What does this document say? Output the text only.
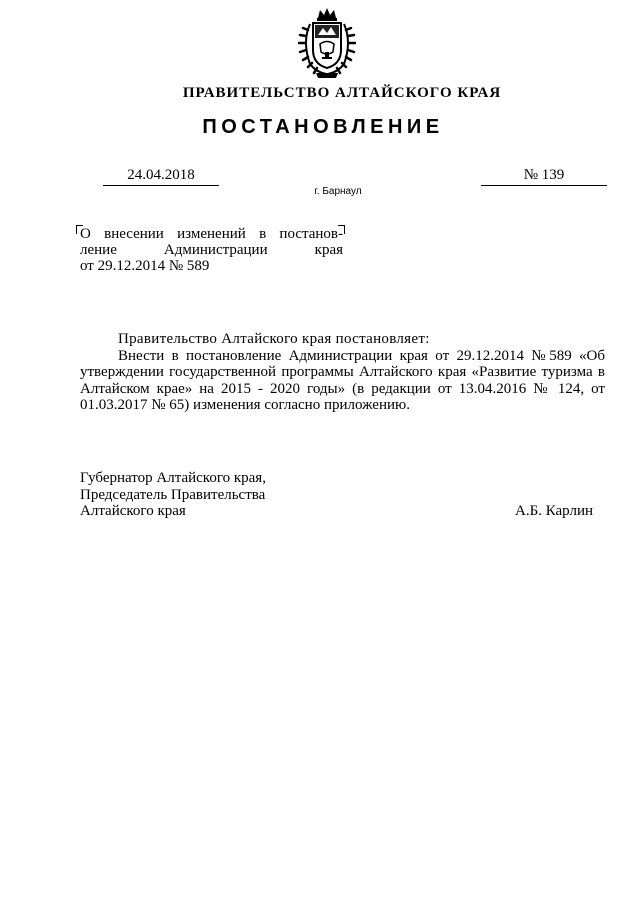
ПРАВИТЕЛЬСТВО АЛТАЙСКОГО КРАЯ
ПОСТАНОВЛЕНИЕ
24.04.2018	№ 139
г. Барнаул
О внесении изменений в постанов-
ление Администрации края
от 29.12.2014 № 589
Правительство Алтайского края постановляет:
Внести в постановление Администрации края от 29.12.2014 №589 «Об утверждении государственной программы Алтайского края «Развитие туризма в Алтайском крае» на 2015 - 2020 годы» (в редакции от 13.04.2016 № 124, от 01.03.2017 № 65) изменения согласно приложению.
Губернатор Алтайского края,
Председатель Правительства
Алтайского края	А.Б. Карлин
